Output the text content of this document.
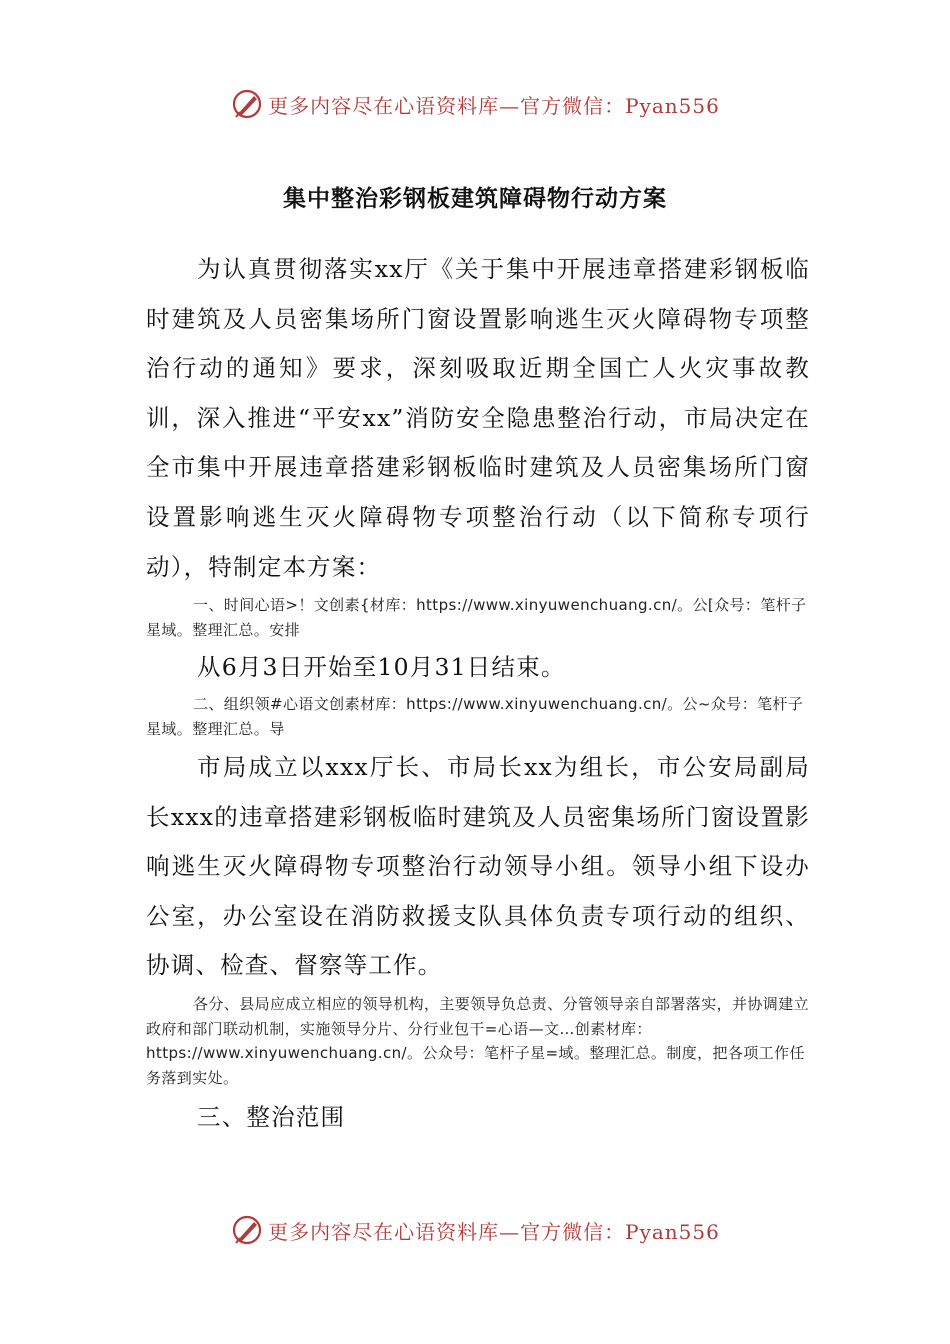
更多内容尽在心语资料库—官方微信：Pyan556
集中整治彩钢板建筑障碍物行动方案

为认真贯彻落实xx厅《关于集中开展违章搭建彩钢板临时建筑及人员密集场所门窗设置影响逃生灭火障碍物专项整治行动的通知》要求，深刻吸取近期全国亡人火灾事故教训，深入推进“平安xx”消防安全隐患整治行动，市局决定在全市集中开展违章搭建彩钢板临时建筑及人员密集场所门窗设置影响逃生灭火障碍物专项整治行动（以下简称专项行动），特制定本方案：

一、时间心语>！文创素{材库：https://www.xinyuwenchuang.cn/。公[众号：笔杆子星域。整理汇总。安排

从6月3日开始至10月31日结束。

二、组织领#心语文创素材库：https://www.xinyuwenchuang.cn/。公~众号：笔杆子星域。整理汇总。导

市局成立以xxx厅长、市局长xx为组长，市公安局副局长xxx的违章搭建彩钢板临时建筑及人员密集场所门窗设置影响逃生灭火障碍物专项整治行动领导小组。领导小组下设办公室，办公室设在消防救援支队具体负责专项行动的组织、协调、检查、督察等工作。

各分、县局应成立相应的领导机构，主要领导负总责、分管领导亲自部署落实，并协调建立政府和部门联动机制，实施领导分片、分行业包干=心语—文…创素材库：https://www.xinyuwenchuang.cn/。公众号：笔杆子星=域。整理汇总。制度，把各项工作任务落到实处。

三、整治范围

更多内容尽在心语资料库—官方微信：Pyan556
